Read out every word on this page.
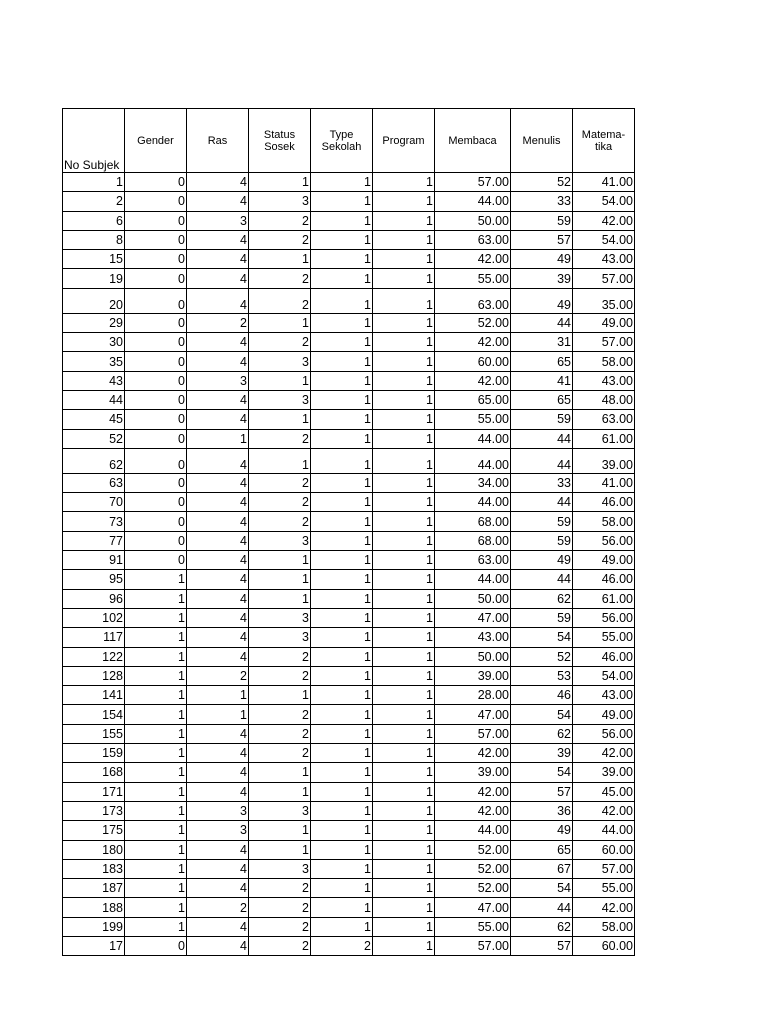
No Subjek	Gender	Ras	Status Sosek	Type Sekolah	Program	Membaca	Menulis	Matema-tika
1	0	4	1	1	1	57.00	52	41.00
2	0	4	3	1	1	44.00	33	54.00
6	0	3	2	1	1	50.00	59	42.00
8	0	4	2	1	1	63.00	57	54.00
15	0	4	1	1	1	42.00	49	43.00
19	0	4	2	1	1	55.00	39	57.00
20	0	4	2	1	1	63.00	49	35.00
29	0	2	1	1	1	52.00	44	49.00
30	0	4	2	1	1	42.00	31	57.00
35	0	4	3	1	1	60.00	65	58.00
43	0	3	1	1	1	42.00	41	43.00
44	0	4	3	1	1	65.00	65	48.00
45	0	4	1	1	1	55.00	59	63.00
52	0	1	2	1	1	44.00	44	61.00
62	0	4	1	1	1	44.00	44	39.00
63	0	4	2	1	1	34.00	33	41.00
70	0	4	2	1	1	44.00	44	46.00
73	0	4	2	1	1	68.00	59	58.00
77	0	4	3	1	1	68.00	59	56.00
91	0	4	1	1	1	63.00	49	49.00
95	1	4	1	1	1	44.00	44	46.00
96	1	4	1	1	1	50.00	62	61.00
102	1	4	3	1	1	47.00	59	56.00
117	1	4	3	1	1	43.00	54	55.00
122	1	4	2	1	1	50.00	52	46.00
128	1	2	2	1	1	39.00	53	54.00
141	1	1	1	1	1	28.00	46	43.00
154	1	1	2	1	1	47.00	54	49.00
155	1	4	2	1	1	57.00	62	56.00
159	1	4	2	1	1	42.00	39	42.00
168	1	4	1	1	1	39.00	54	39.00
171	1	4	1	1	1	42.00	57	45.00
173	1	3	3	1	1	42.00	36	42.00
175	1	3	1	1	1	44.00	49	44.00
180	1	4	1	1	1	52.00	65	60.00
183	1	4	3	1	1	52.00	67	57.00
187	1	4	2	1	1	52.00	54	55.00
188	1	2	2	1	1	47.00	44	42.00
199	1	4	2	1	1	55.00	62	58.00
17	0	4	2	2	1	57.00	57	60.00
